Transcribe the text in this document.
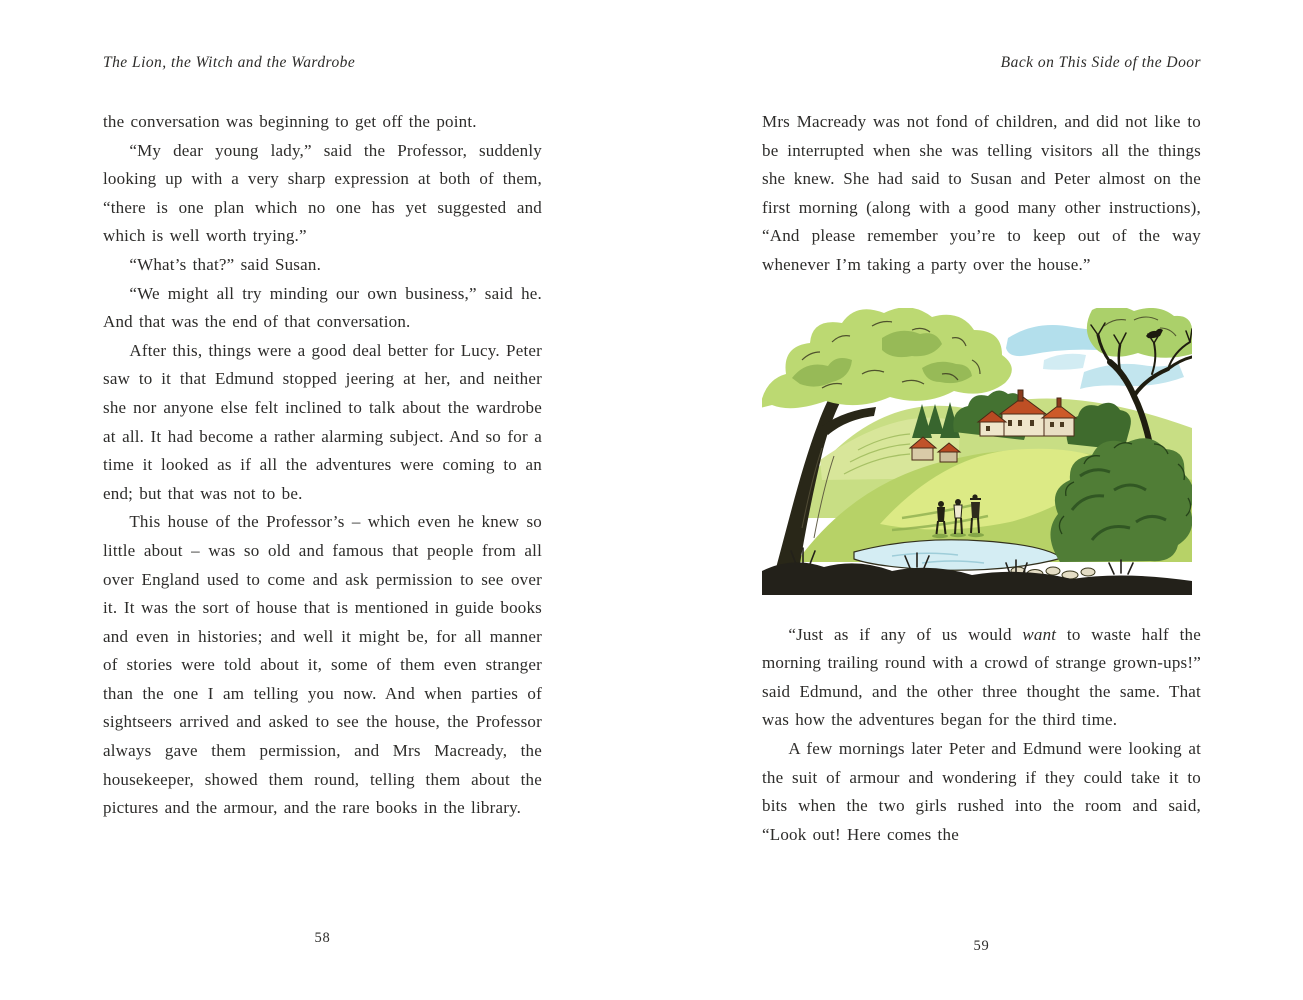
The Lion, the Witch and the Wardrobe

the conversation was beginning to get off the point.

“My dear young lady,” said the Professor, suddenly looking up with a very sharp expression at both of them, “there is one plan which no one has yet suggested and which is well worth trying.”

“What’s that?” said Susan.

“We might all try minding our own business,” said he. And that was the end of that conversation.

After this, things were a good deal better for Lucy. Peter saw to it that Edmund stopped jeering at her, and neither she nor anyone else felt inclined to talk about the wardrobe at all. It had become a rather alarming subject. And so for a time it looked as if all the adventures were coming to an end; but that was not to be.

This house of the Professor’s – which even he knew so little about – was so old and famous that people from all over England used to come and ask permission to see over it. It was the sort of house that is mentioned in guide books and even in histories; and well it might be, for all manner of stories were told about it, some of them even stranger than the one I am telling you now. And when parties of sightseers arrived and asked to see the house, the Professor always gave them permission, and Mrs Macready, the housekeeper, showed them round, telling them about the pictures and the armour, and the rare books in the library.

58
Back on This Side of the Door

Mrs Macready was not fond of children, and did not like to be interrupted when she was telling visitors all the things she knew. She had said to Susan and Peter almost on the first morning (along with a good many other instructions), “And please remember you’re to keep out of the way whenever I’m taking a party over the house.”

“Just as if any of us would want to waste half the morning trailing round with a crowd of strange grown-ups!” said Edmund, and the other three thought the same. That was how the adventures began for the third time.

A few mornings later Peter and Edmund were looking at the suit of armour and wondering if they could take it to bits when the two girls rushed into the room and said, “Look out! Here comes the

59
